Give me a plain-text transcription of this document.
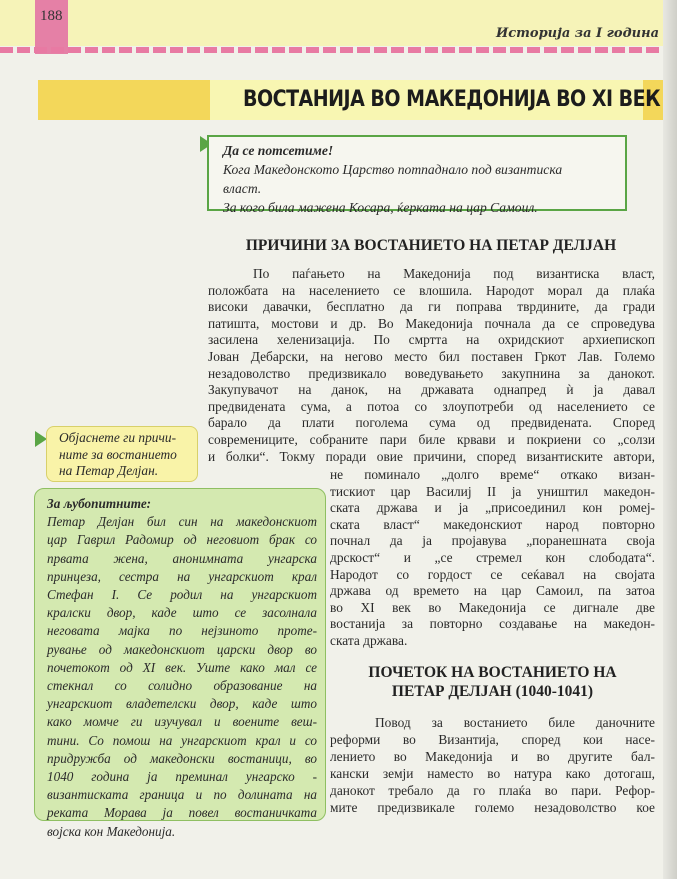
188
Историја за I година
ВОСТАНИЈА ВО МАКЕДОНИЈА ВО XI ВЕК
Да се потсетиме!
Кога Македонското Царство потпаднало под византиска
власт.
За кого била мажена Косара, ќерката на цар Самоил.
ПРИЧИНИ ЗА ВОСТАНИЕТО НА ПЕТАР ДЕЛЈАН
По паѓањето на Македонија под византиска власт,
положбата на населението се влошила. Народот морал да плаќа
високи давачки, бесплатно да ги поправа тврдините, да гради
патишта, мостови и др. Во Македонија почнала да се спроведува
засилена хеленизација. По смртта на охридскиот архиепископ
Јован Дебарски, на негово место бил поставен Гркот Лав. Големо
незадоволство предизвикало воведувањето закупнина за данокот.
Закупувачот на данок, на државата однапред ѝ ја давал
предвидената сума, а потоа со злоупотреби од населението се
барало да плати поголема сума од предвидената. Според
современиците, собраните пари биле крвави и покриени со „солзи
и болки“. Токму поради овие причини, според византиските автори,
не поминало „долго време“ откако визан-
тискиот цар Василиј II ја уништил македон-
ската држава и ја „присоединил кон ромеј-
ската власт“ македонскиот народ повторно
почнал да ја пројавува „поранешната своја
дрскост“ и „се стремел кон слободата“.
Народот со гордост се сеќавал на својата
држава од времето на цар Самоил, па затоа
во XI век во Македонија се дигнале две
востанија за повторно создавање на македон-
ската држава.
Објаснете ги причи-
ните за востанието
на Петар Делјан.
За љубопитните:
Петар Делјан бил син на македонскиот
цар Гаврил Радомир од неговиот брак со
првата жена, анонимната унгарска
принцеза, сестра на унгарскиот крал
Стефан I. Се родил на унгарскиот
кралски двор, каде што се засолнала
неговата мајка по нејзиното проте-
рување од македонскиот царски двор во
почетокот од XI век. Уште како мал се
стекнал со солидно образование на
унгарскиот владетелски двор, каде што
како момче ги изучувал и воените веш-
тини. Со помош на унгарскиот крал и со
придружба од македонски востаници, во
1040 година ја преминал унгарско -
византиската граница и по долината на
реката Морава ја повел востаничката
војска кон Македонија.
ПОЧЕТОК НА ВОСТАНИЕТО НА
ПЕТАР ДЕЛЈАН (1040-1041)
Повод за востанието биле даночните
реформи во Византија, според кои насе-
лението во Македонија и во другите бал-
кански земји наместо во натура како дотогаш,
данокот требало да го плаќа во пари. Рефор-
мите предизвикале големо незадоволство кое
